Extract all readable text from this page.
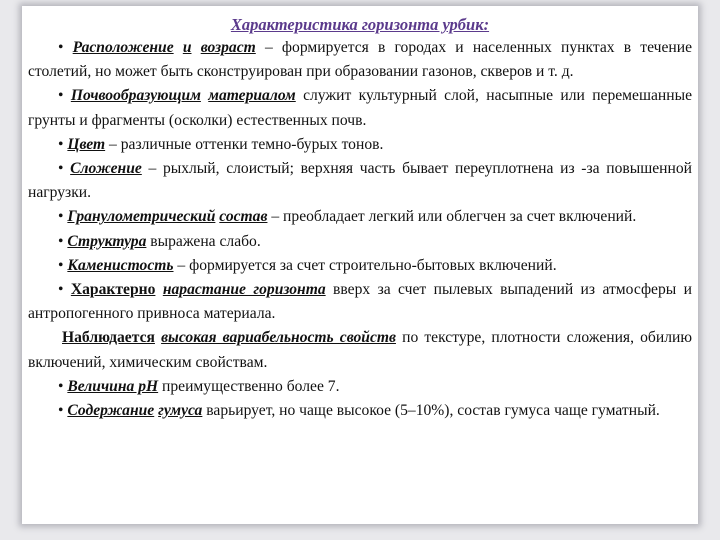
Характеристика горизонта урбик:

• Расположение и возраст – формируется в городах и населенных пунктах в течение столетий, но может быть сконструирован при образовании газонов, скверов и т. д.

• Почвообразующим материалом служит культурный слой, насыпные или перемешанные грунты и фрагменты (осколки) естественных почв.

• Цвет – различные оттенки темно-бурых тонов.

• Сложение – рыхлый, слоистый; верхняя часть бывает переуплотнена из -за повышенной нагрузки.

• Гранулометрический состав – преобладает легкий или облегчен за счет включений.

• Структура выражена слабо.

• Каменистость – формируется за счет строительно-бытовых включений.

• Характерно нарастание горизонта вверх за счет пылевых выпадений из атмосферы и антропогенного привноса материала.

Наблюдается высокая вариабельность свойств по текстуре, плотности сложения, обилию включений, химическим свойствам.

• Величина рН преимущественно более 7.

• Содержание гумуса варьирует, но чаще высокое (5–10%), состав гумуса чаще гуматный.
